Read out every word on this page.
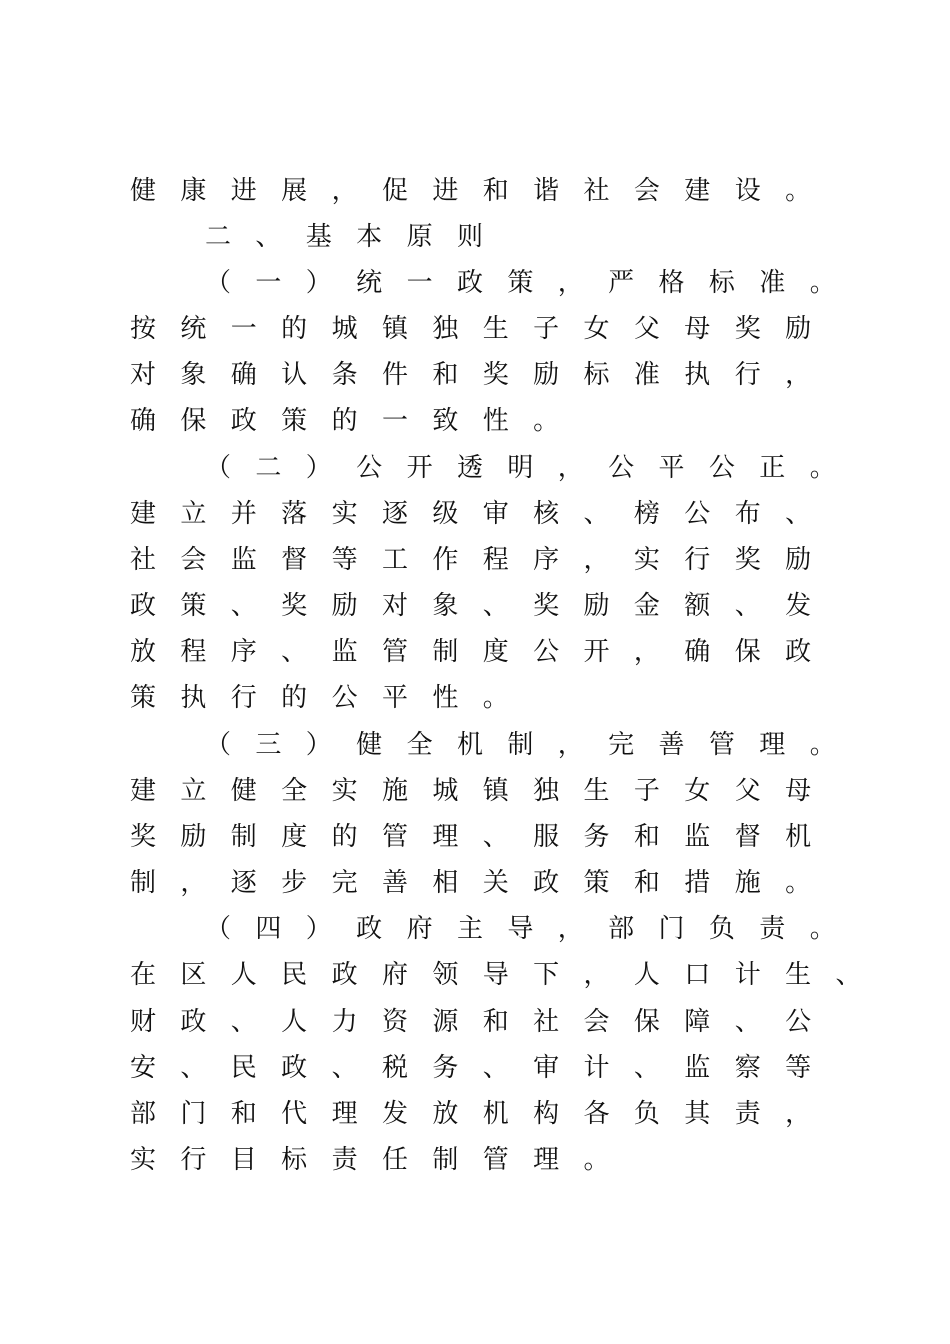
健 康 进 展 ， 促 进 和 谐 社 会 建 设 。
二 、 基 本 原 则
（ 一 ） 统 一 政 策 ， 严 格 标 准 。
按 统 一 的 城 镇 独 生 子 女 父 母 奖 励
对 象 确 认 条 件 和 奖 励 标 准 执 行 ，
确 保 政 策 的 一 致 性 。
（ 二 ） 公 开 透 明 ， 公 平 公 正 。
建 立 并 落 实 逐 级 审 核 、 榜 公 布 、
社 会 监 督 等 工 作 程 序 ， 实 行 奖 励
政 策 、 奖 励 对 象 、 奖 励 金 额 、 发
放 程 序 、 监 管 制 度 公 开 ， 确 保 政
策 执 行 的 公 平 性 。
（ 三 ） 健 全 机 制 ， 完 善 管 理 。
建 立 健 全 实 施 城 镇 独 生 子 女 父 母
奖 励 制 度 的 管 理 、 服 务 和 监 督 机
制 ， 逐 步 完 善 相 关 政 策 和 措 施 。
（ 四 ） 政 府 主 导 ， 部 门 负 责 。
在 区 人 民 政 府 领 导 下 ， 人 口 计 生 、
财 政 、 人 力 资 源 和 社 会 保 障 、 公
安 、 民 政 、 税 务 、 审 计 、 监 察 等
部 门 和 代 理 发 放 机 构 各 负 其 责 ，
实 行 目 标 责 任 制 管 理 。
